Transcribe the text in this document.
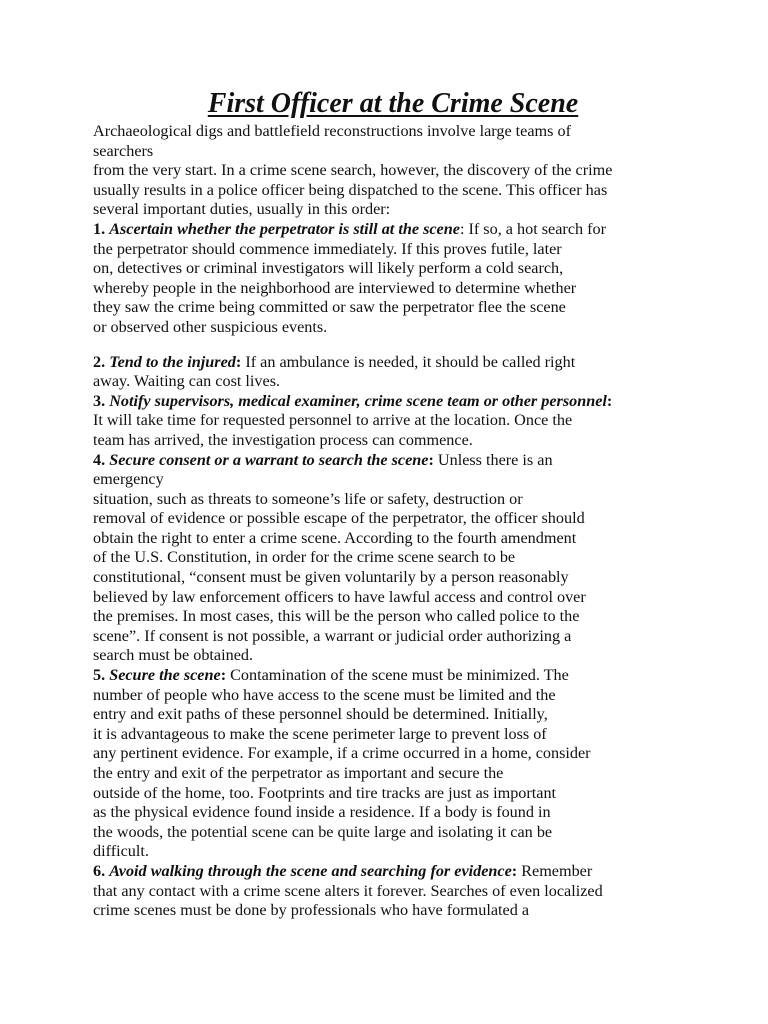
First Officer at the Crime Scene
Archaeological digs and battlefield reconstructions involve large teams of
searchers
from the very start. In a crime scene search, however, the discovery of the crime
usually results in a police officer being dispatched to the scene. This officer has
several important duties, usually in this order:
1. Ascertain whether the perpetrator is still at the scene: If so, a hot search for
the perpetrator should commence immediately. If this proves futile, later
on, detectives or criminal investigators will likely perform a cold search,
whereby people in the neighborhood are interviewed to determine whether
they saw the crime being committed or saw the perpetrator flee the scene
or observed other suspicious events.
2. Tend to the injured: If an ambulance is needed, it should be called right
away. Waiting can cost lives.
3. Notify supervisors, medical examiner, crime scene team or other personnel:
It will take time for requested personnel to arrive at the location. Once the
team has arrived, the investigation process can commence.
4. Secure consent or a warrant to search the scene: Unless there is an
emergency
situation, such as threats to someone’s life or safety, destruction or
removal of evidence or possible escape of the perpetrator, the officer should
obtain the right to enter a crime scene. According to the fourth amendment
of the U.S. Constitution, in order for the crime scene search to be
constitutional, “consent must be given voluntarily by a person reasonably
believed by law enforcement officers to have lawful access and control over
the premises. In most cases, this will be the person who called police to the
scene”. If consent is not possible, a warrant or judicial order authorizing a
search must be obtained.
5. Secure the scene: Contamination of the scene must be minimized. The
number of people who have access to the scene must be limited and the
entry and exit paths of these personnel should be determined. Initially,
it is advantageous to make the scene perimeter large to prevent loss of
any pertinent evidence. For example, if a crime occurred in a home, consider
the entry and exit of the perpetrator as important and secure the
outside of the home, too. Footprints and tire tracks are just as important
as the physical evidence found inside a residence. If a body is found in
the woods, the potential scene can be quite large and isolating it can be
difficult.
6. Avoid walking through the scene and searching for evidence: Remember
that any contact with a crime scene alters it forever. Searches of even localized
crime scenes must be done by professionals who have formulated a
